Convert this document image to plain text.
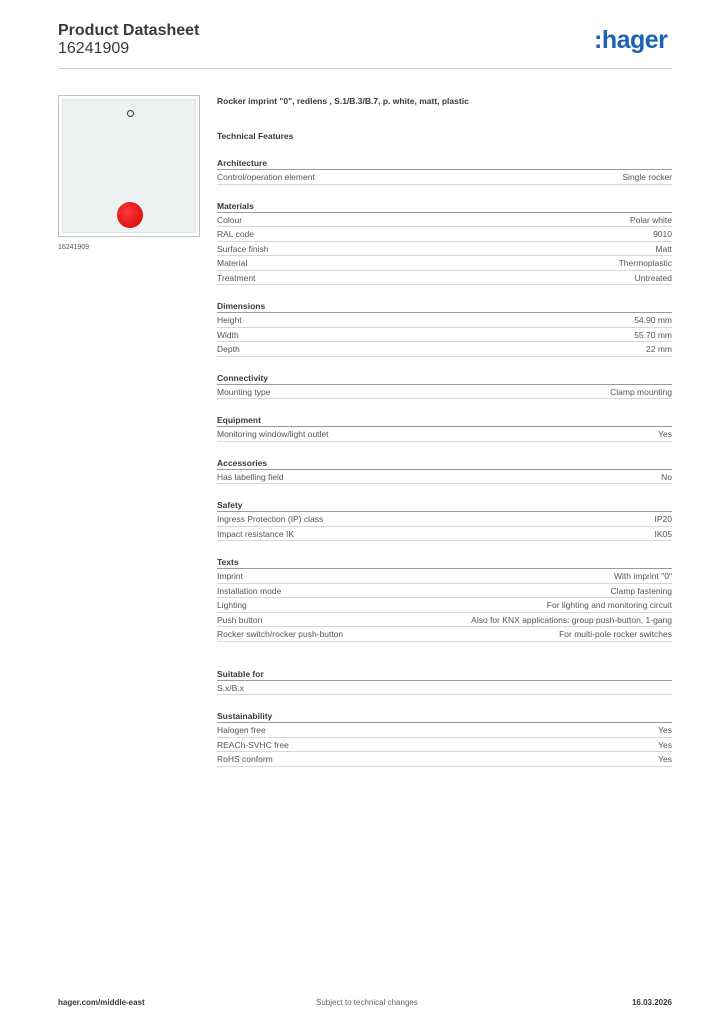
Product Datasheet
16241909	:hager
16241909
Rocker imprint "0", redlens , S.1/B.3/B.7, p. white, matt, plastic
Technical Features
Architecture
Control/operation element	Single rocker
Materials
Colour	Polar white
RAL code	9010
Surface finish	Matt
Material	Thermoplastic
Treatment	Untreated
Dimensions
Height	54.90 mm
Width	55.70 mm
Depth	22 mm
Connectivity
Mounting type	Clamp mounting
Equipment
Monitoring window/light outlet	Yes
Accessories
Has labelling field	No
Safety
Ingress Protection (IP) class	IP20
Impact resistance IK	IK05
Texts
Imprint	With imprint "0"
Installation mode	Clamp fastening
Lighting	For lighting and monitoring circuit
Push button	Also for KNX applications: group push-button, 1-gang
Rocker switch/rocker push-button	For multi-pole rocker switches
Suitable for
S.x/B.x
Sustainability
Halogen free	Yes
REACh-SVHC free	Yes
RoHS conform	Yes
hager.com/middle-east	Subject to technical changes	16.03.2026
